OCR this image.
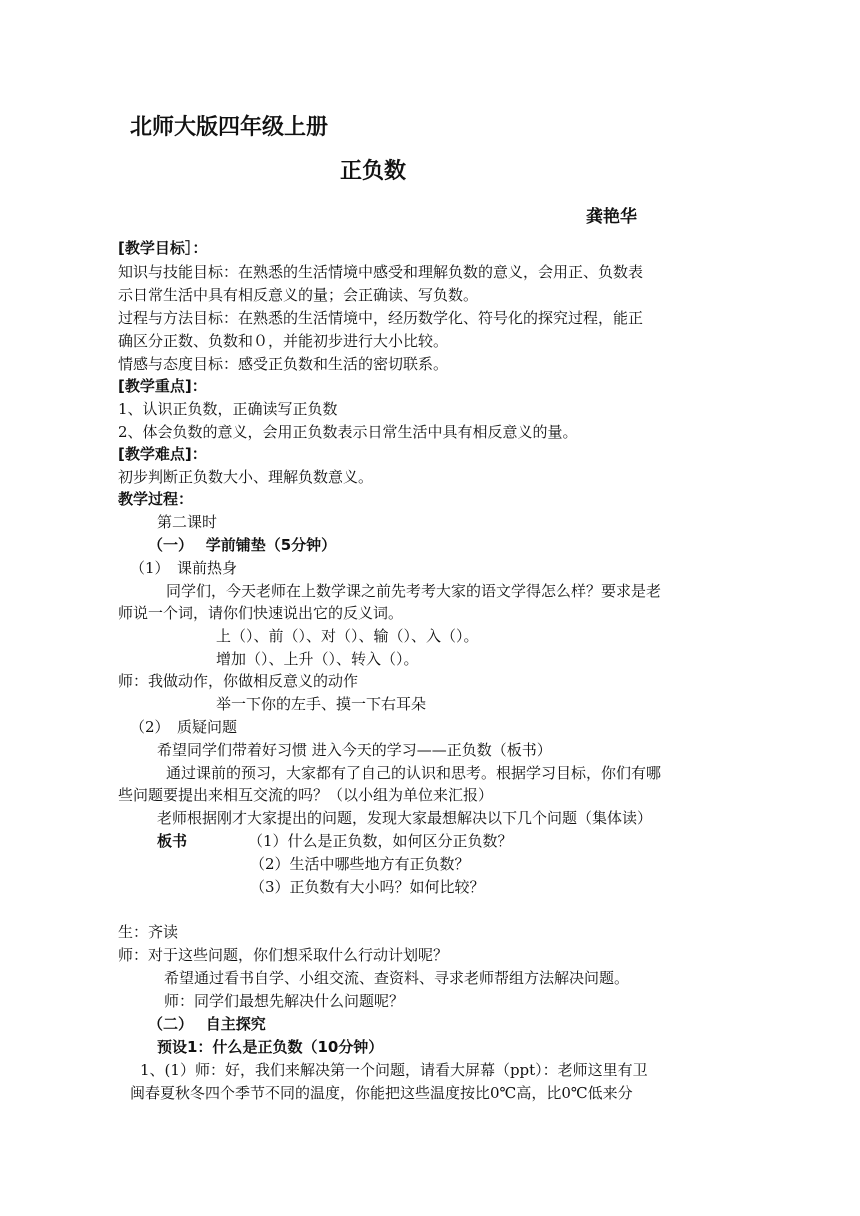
北师大版四年级上册
正负数
龚艳华
[教学目标］：
知识与技能目标：在熟悉的生活情境中感受和理解负数的意义，会用正、负数表
示日常生活中具有相反意义的量；会正确读、写负数。
过程与方法目标：在熟悉的生活情境中，经历数学化、符号化的探究过程，能正
确区分正数、负数和０，并能初步进行大小比较。
情感与态度目标：感受正负数和生活的密切联系。
[教学重点]：
1、认识正负数，正确读写正负数
2、体会负数的意义，会用正负数表示日常生活中具有相反意义的量。
[教学难点]：
初步判断正负数大小、理解负数意义。
教学过程：
第二课时
（一）　 学前铺垫（5分钟）
（1）　课前热身
同学们，今天老师在上数学课之前先考考大家的语文学得怎么样？要求是老
师说一个词，请你们快速说出它的反义词。
上（）、前（）、对（）、输（）、入（）。
增加（）、上升（）、转入（）。
师：我做动作，你做相反意义的动作
举一下你的左手、摸一下右耳朵
（2）　质疑问题
希望同学们带着好习惯 进入今天的学习——正负数（板书）
通过课前的预习，大家都有了自己的认识和思考。根据学习目标，你们有哪
些问题要提出来相互交流的吗？（以小组为单位来汇报）
老师根据刚才大家提出的问题，发现大家最想解决以下几个问题（集体读）
板书	（1）什么是正负数，如何区分正负数？
（2）生活中哪些地方有正负数？
（3）正负数有大小吗？如何比较？
生：齐读
师：对于这些问题，你们想采取什么行动计划呢？
希望通过看书自学、小组交流、查资料、寻求老师帮组方法解决问题。
师：同学们最想先解决什么问题呢？
（二）　 自主探究
预设1：什么是正负数（10分钟）
1、(1）师：好，我们来解决第一个问题，请看大屏幕（ppt）：老师这里有卫
闽春夏秋冬四个季节不同的温度，你能把这些温度按比0℃高，比0℃低来分
